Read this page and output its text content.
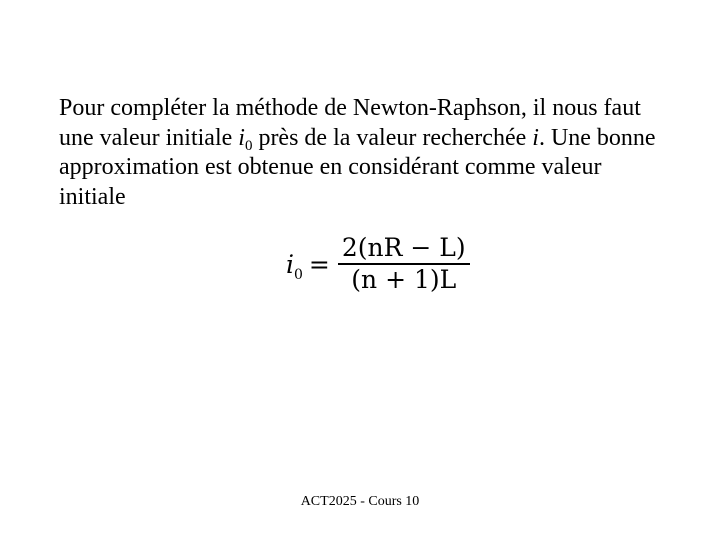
Pour compléter la méthode de Newton-Raphson, il nous faut
une valeur initiale $i_0$ près de la valeur recherchée i. Une bonne
approximation est obtenue en considérant comme valeur
initiale

$i_0 = \frac{2(nR - L)}{(n + 1)L}$
ACT2025 - Cours 10
